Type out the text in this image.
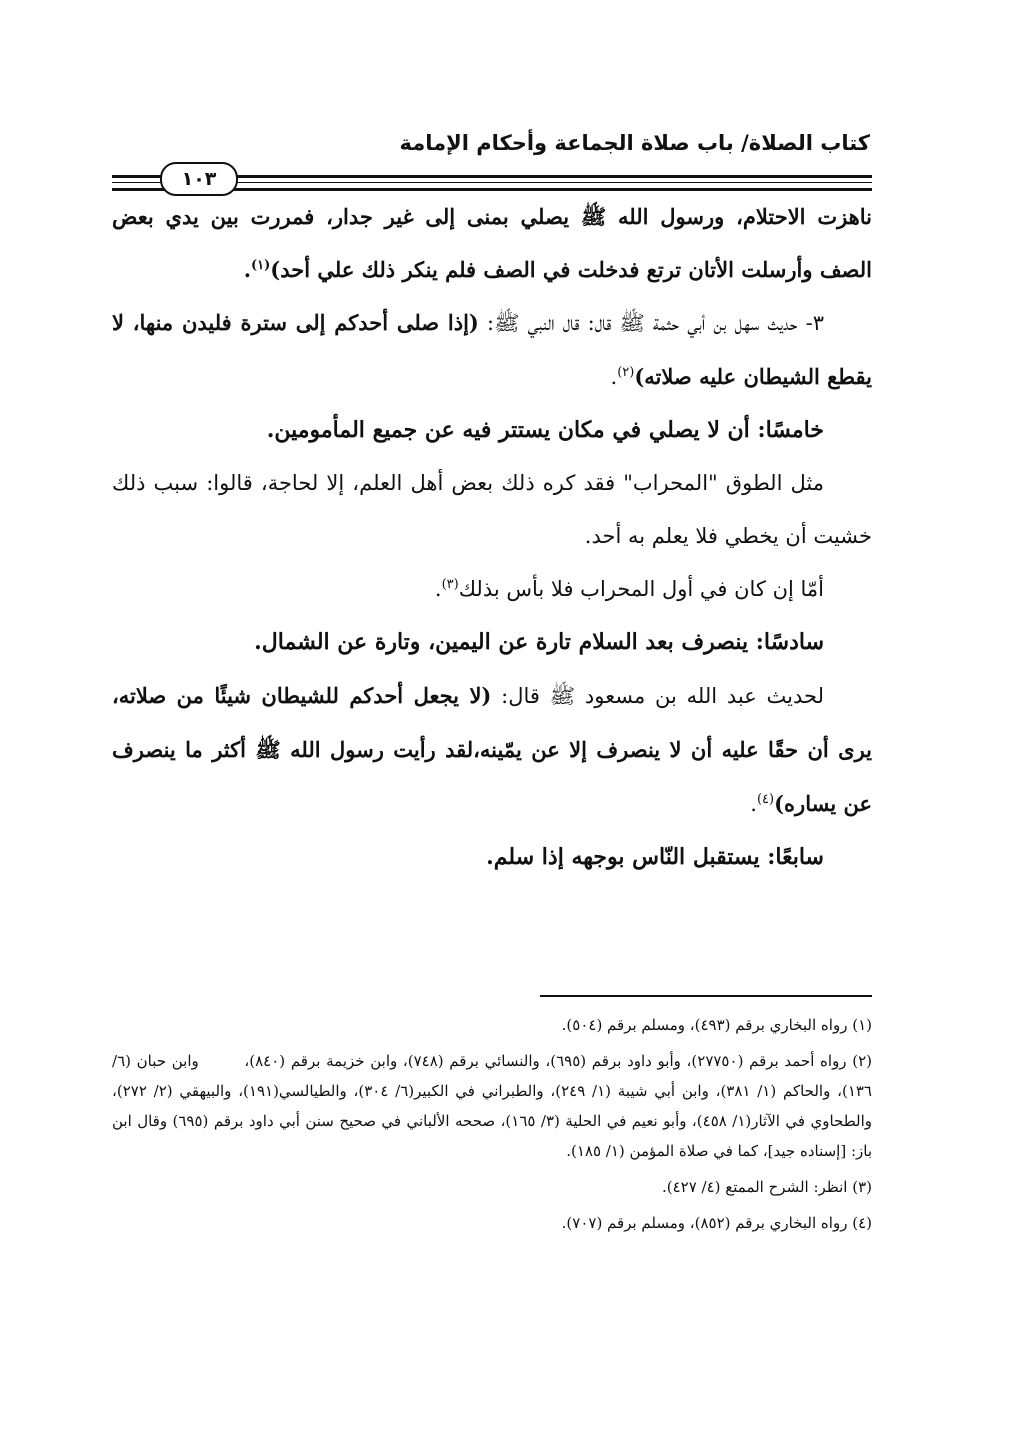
كتاب الصلاة/ باب صلاة الجماعة وأحكام الإمامة
١٠٣

ناهزت الاحتلام، ورسول الله ﷺ يصلي بمنى إلى غير جدار، فمررت بين يدي بعض الصف وأرسلت الأتان ترتع فدخلت في الصف فلم ينكر ذلك علي أحد)$^{(١)}$.

٣- حديث سهل بن أبي حثمة ﷺ قال: قال النبي ﷺ: (إذا صلى أحدكم إلى سترة فليدن منها، لا يقطع الشيطان عليه صلاته)$^{(٢)}$.

خامسًا: أن لا يصلي في مكان يستتر فيه عن جميع المأمومين.

مثل الطوق "المحراب" فقد كره ذلك بعض أهل العلم، إلا لحاجة، قالوا: سبب ذلك خشيت أن يخطي فلا يعلم به أحد.

أمّا إن كان في أول المحراب فلا بأس بذلك$^{(٣)}$.

سادسًا: ينصرف بعد السلام تارة عن اليمين، وتارة عن الشمال.

لحديث عبد الله بن مسعود ﷺ قال: (لا يجعل أحدكم للشيطان شيئًا من صلاته، يرى أن حقًا عليه أن لا ينصرف إلا عن يمّينه،لقد رأيت رسول الله ﷺ أكثر ما ينصرف عن يساره)$^{(٤)}$.

سابعًا: يستقبل النّاس بوجهه إذا سلم.

(١) رواه البخاري برقم (٤٩٣)، ومسلم برقم (٥٠٤).

(٢) رواه أحمد برقم (٢٧٧٥٠)، وأبو داود برقم (٦٩٥)، والنسائي برقم (٧٤٨)، وابن خزيمة برقم (٨٤٠)، وابن حبان (٦/ ١٣٦)، والحاكم (١/ ٣٨١)، وابن أبي شيبة (١/ ٢٤٩)، والطبراني في الكبير(٦/ ٣٠٤)، والطيالسي(١٩١)، والبيهقي (٢/ ٢٧٢)، والطحاوي في الآثار(١/ ٤٥٨)، وأبو نعيم في الحلية (٣/ ١٦٥)، صححه الألباني في صحيح سنن أبي داود برقم (٦٩٥) وقال ابن باز: [إسناده جيد]، كما في صلاة المؤمن (١/ ١٨٥).

(٣) انظر: الشرح الممتع (٤/ ٤٢٧).

(٤) رواه البخاري برقم (٨٥٢)، ومسلم برقم (٧٠٧).
